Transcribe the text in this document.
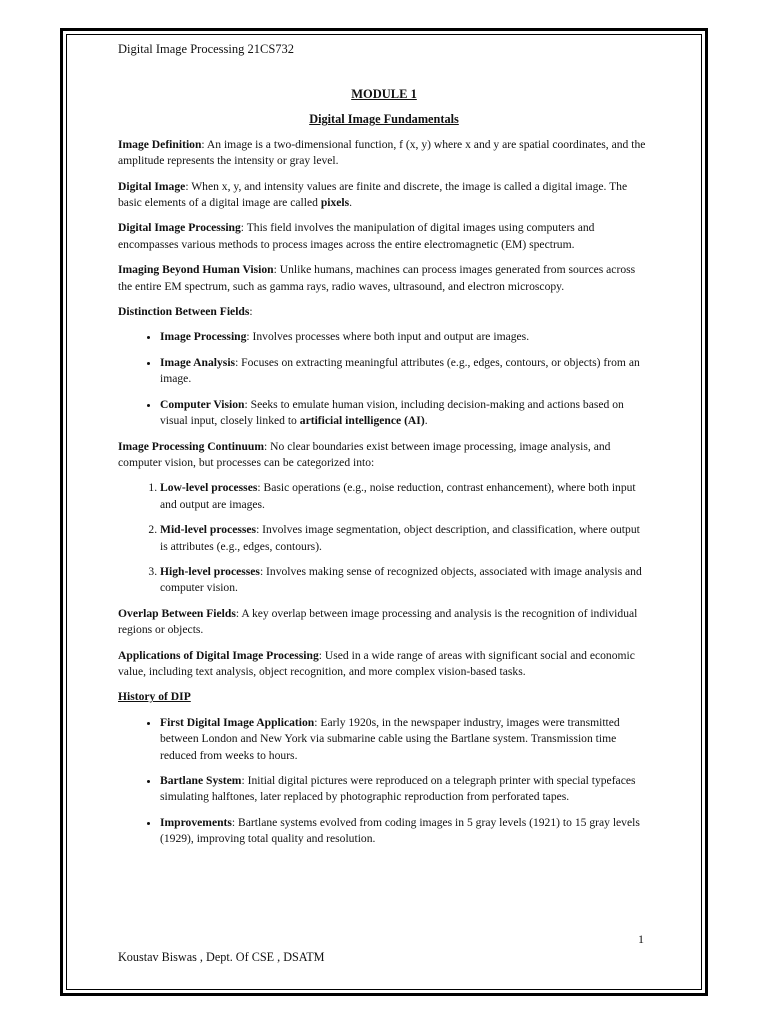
Digital Image Processing 21CS732
MODULE 1
Digital Image Fundamentals

Image Definition: An image is a two-dimensional function, f (x, y) where x and y are spatial coordinates, and the amplitude represents the intensity or gray level.

Digital Image: When x, y, and intensity values are finite and discrete, the image is called a digital image. The basic elements of a digital image are called pixels.

Digital Image Processing: This field involves the manipulation of digital images using computers and encompasses various methods to process images across the entire electromagnetic (EM) spectrum.

Imaging Beyond Human Vision: Unlike humans, machines can process images generated from sources across the entire EM spectrum, such as gamma rays, radio waves, ultrasound, and electron microscopy.

Distinction Between Fields:

• Image Processing: Involves processes where both input and output are images.
• Image Analysis: Focuses on extracting meaningful attributes (e.g., edges, contours, or objects) from an image.
• Computer Vision: Seeks to emulate human vision, including decision-making and actions based on visual input, closely linked to artificial intelligence (AI).

Image Processing Continuum: No clear boundaries exist between image processing, image analysis, and computer vision, but processes can be categorized into:

1. Low-level processes: Basic operations (e.g., noise reduction, contrast enhancement), where both input and output are images.
2. Mid-level processes: Involves image segmentation, object description, and classification, where output is attributes (e.g., edges, contours).
3. High-level processes: Involves making sense of recognized objects, associated with image analysis and computer vision.

Overlap Between Fields: A key overlap between image processing and analysis is the recognition of individual regions or objects.

Applications of Digital Image Processing: Used in a wide range of areas with significant social and economic value, including text analysis, object recognition, and more complex vision-based tasks.

History of DIP
• First Digital Image Application: Early 1920s, in the newspaper industry, images were transmitted between London and New York via submarine cable using the Bartlane system. Transmission time reduced from weeks to hours.
• Bartlane System: Initial digital pictures were reproduced on a telegraph printer with special typefaces simulating halftones, later replaced by photographic reproduction from perforated tapes.
• Improvements: Bartlane systems evolved from coding images in 5 gray levels (1921) to 15 gray levels (1929), improving total quality and resolution.
1
Koustav Biswas , Dept. Of CSE , DSATM
